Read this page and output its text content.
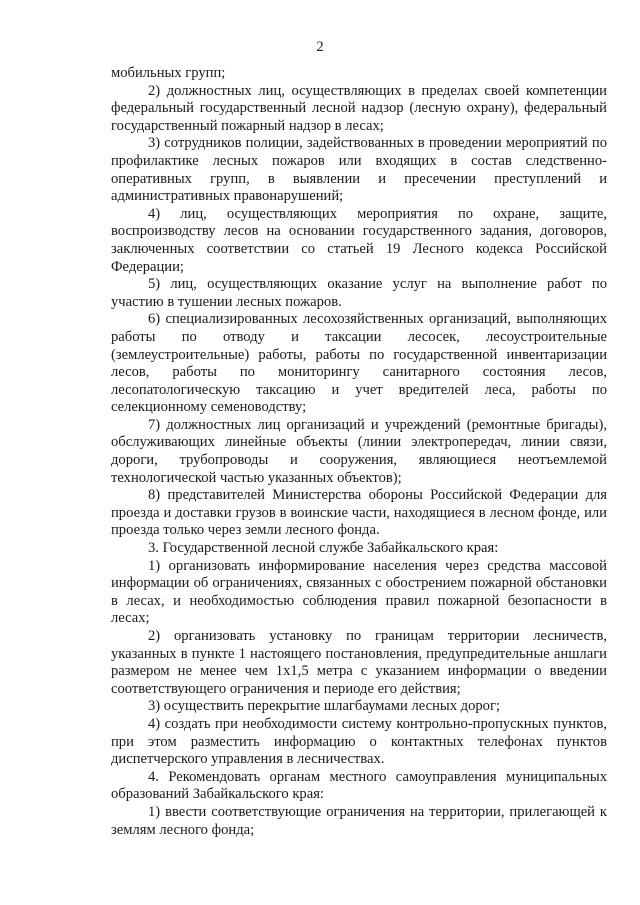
2

мобильных групп;

2) должностных лиц, осуществляющих в пределах своей компетенции федеральный государственный лесной надзор (лесную охрану), федеральный государственный пожарный надзор в лесах;

3) сотрудников полиции, задействованных в проведении мероприятий по профилактике лесных пожаров или входящих в состав следственно-оперативных групп, в выявлении и пресечении преступлений и административных правонарушений;

4) лиц, осуществляющих мероприятия по охране, защите, воспроизводству лесов на основании государственного задания, договоров, заключенных соответствии со статьей 19 Лесного кодекса Российской Федерации;

5) лиц, осуществляющих оказание услуг на выполнение работ по участию в тушении лесных пожаров.

6) специализированных лесохозяйственных организаций, выполняющих работы по отводу и таксации лесосек, лесоустроительные (землеустроительные) работы, работы по государственной инвентаризации лесов, работы по мониторингу санитарного состояния лесов, лесопатологическую таксацию и учет вредителей леса, работы по селекционному семеноводству;

7) должностных лиц организаций и учреждений (ремонтные бригады), обслуживающих линейные объекты (линии электропередач, линии связи, дороги, трубопроводы и сооружения, являющиеся неотъемлемой технологической частью указанных объектов);

8) представителей Министерства обороны Российской Федерации для проезда и доставки грузов в воинские части, находящиеся в лесном фонде, или проезда только через земли лесного фонда.

3. Государственной лесной службе Забайкальского края:

1) организовать информирование населения через средства массовой информации об ограничениях, связанных с обострением пожарной обстановки в лесах, и необходимостью соблюдения правил пожарной безопасности в лесах;

2) организовать установку по границам территории лесничеств, указанных в пункте 1 настоящего постановления, предупредительные аншлаги размером не менее чем 1x1,5 метра с указанием информации о введении соответствующего ограничения и периоде его действия;

3) осуществить перекрытие шлагбаумами лесных дорог;

4) создать при необходимости систему контрольно-пропускных пунктов, при этом разместить информацию о контактных телефонах пунктов диспетчерского управления в лесничествах.

4. Рекомендовать органам местного самоуправления муниципальных образований Забайкальского края:

1) ввести соответствующие ограничения на территории, прилегающей к землям лесного фонда;
